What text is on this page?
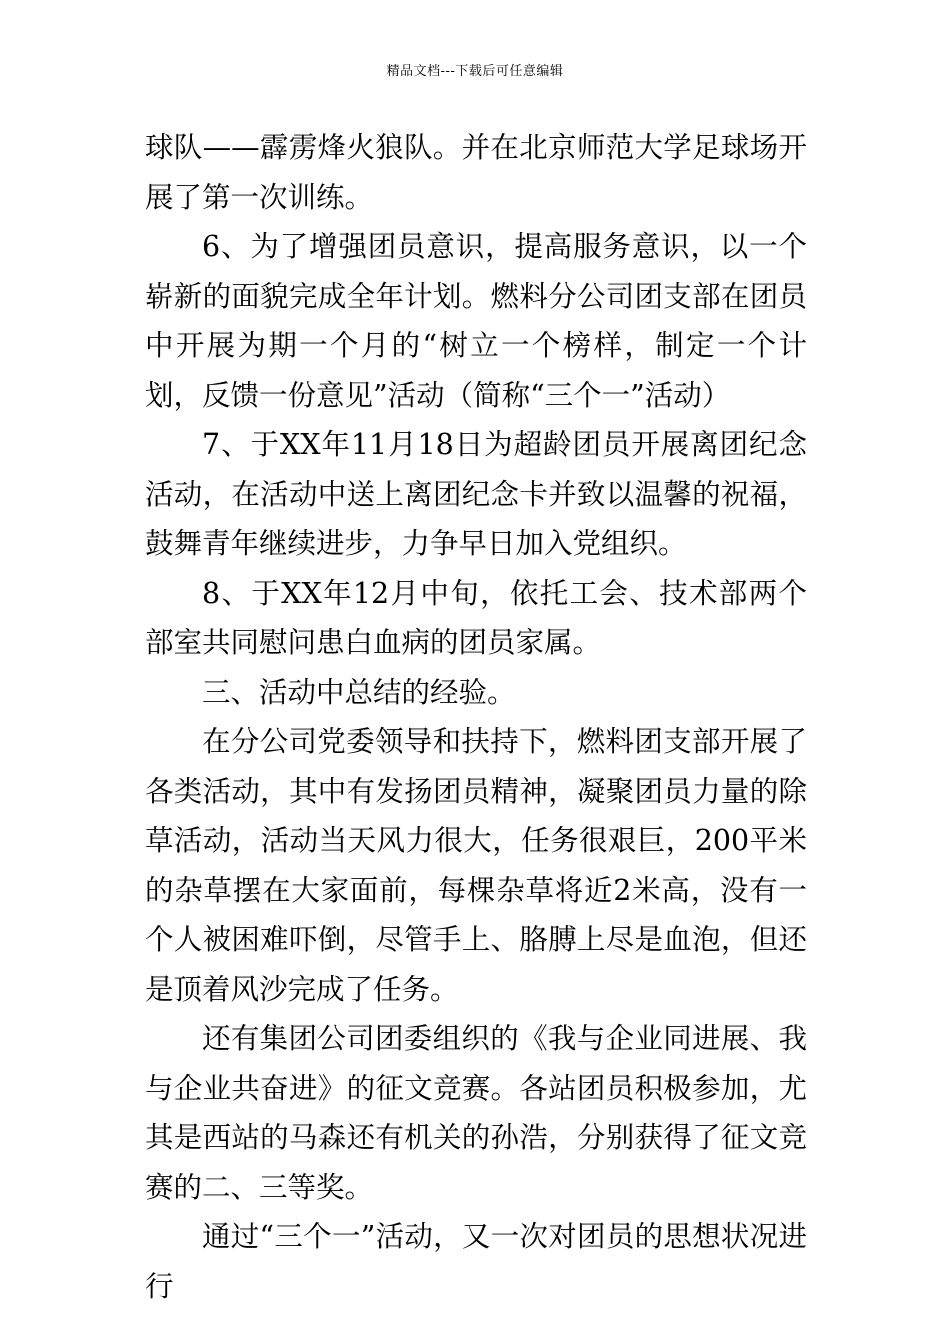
精品文档---下载后可任意编辑

球队——霹雳烽火狼队。并在北京师范大学足球场开展了第一次训练。

6、为了增强团员意识，提高服务意识，以一个崭新的面貌完成全年计划。燃料分公司团支部在团员中开展为期一个月的“树立一个榜样，制定一个计划，反馈一份意见”活动（简称“三个一”活动）

7、于XX年11月18日为超龄团员开展离团纪念活动，在活动中送上离团纪念卡并致以温馨的祝福，鼓舞青年继续进步，力争早日加入党组织。

8、于XX年12月中旬，依托工会、技术部两个部室共同慰问患白血病的团员家属。

三、活动中总结的经验。

在分公司党委领导和扶持下，燃料团支部开展了各类活动，其中有发扬团员精神，凝聚团员力量的除草活动，活动当天风力很大，任务很艰巨，200平米的杂草摆在大家面前，每棵杂草将近2米高，没有一个人被困难吓倒，尽管手上、胳膊上尽是血泡，但还是顶着风沙完成了任务。

还有集团公司团委组织的《我与企业同进展、我与企业共奋进》的征文竞赛。各站团员积极参加，尤其是西站的马森还有机关的孙浩，分别获得了征文竞赛的二、三等奖。

通过“三个一”活动，又一次对团员的思想状况进行
